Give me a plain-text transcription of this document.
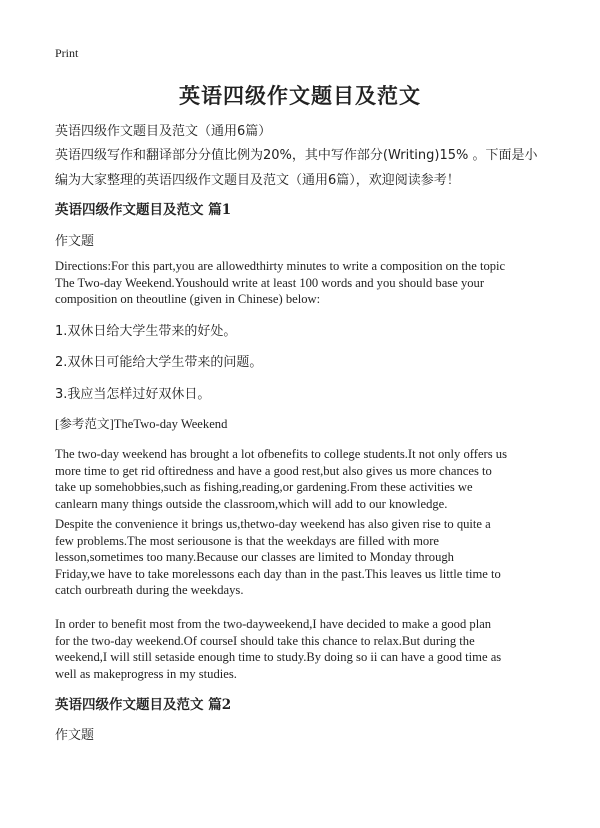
Print
英语四级作文题目及范文
英语四级作文题目及范文（通用6篇）
英语四级写作和翻译部分分值比例为20%，其中写作部分(Writing)15% 。下面是小
编为大家整理的英语四级作文题目及范文（通用6篇），欢迎阅读参考！
英语四级作文题目及范文 篇1
作文题
Directions:For this part,you are allowedthirty minutes to write a composition on the topic
The Two-day Weekend.Youshould write at least 100 words and you should base your
composition on theoutline (given in Chinese) below:
1.双休日给大学生带来的好处。
2.双休日可能给大学生带来的问题。
3.我应当怎样过好双休日。
[参考范文]TheTwo-day Weekend
The two-day weekend has brought a lot ofbenefits to college students.It not only offers us
more time to get rid oftiredness and have a good rest,but also gives us more chances to
take up somehobbies,such as fishing,reading,or gardening.From these activities we
canlearn many things outside the classroom,which will add to our knowledge.
Despite the convenience it brings us,thetwo-day weekend has also given rise to quite a
few problems.The most seriousone is that the weekdays are filled with more
lesson,sometimes too many.Because our classes are limited to Monday through
Friday,we have to take morelessons each day than in the past.This leaves us little time to
catch ourbreath during the weekdays.
In order to benefit most from the two-dayweekend,I have decided to make a good plan
for the two-day weekend.Of courseI should take this chance to relax.But during the
weekend,I will still setaside enough time to study.By doing so ii can have a good time as
well as makeprogress in my studies.
英语四级作文题目及范文 篇2
作文题
